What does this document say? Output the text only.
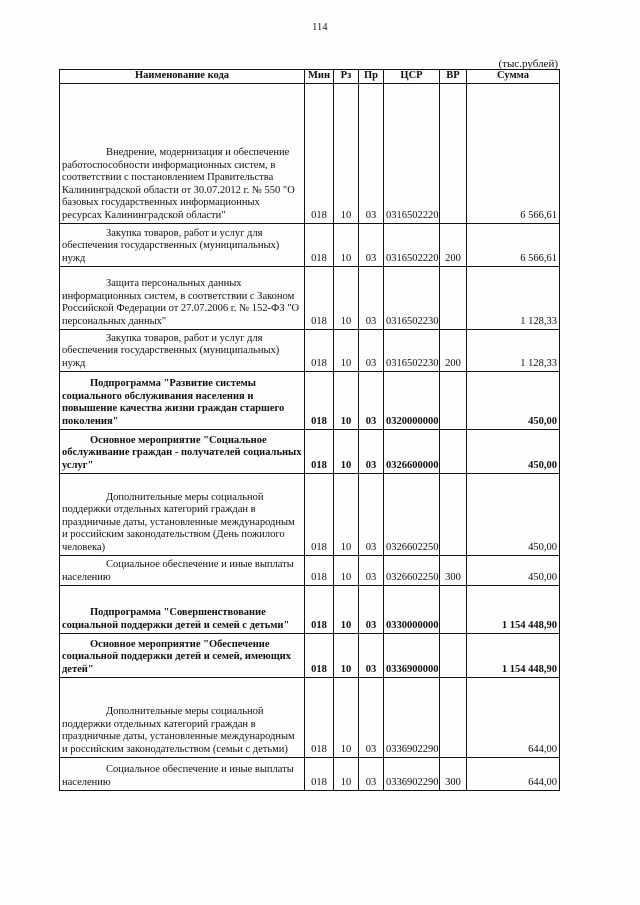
114
(тыс.рублей)
Наименование кода	Мин	Рз	Пр	ЦСР	ВР	Сумма

Внедрение, модернизация и обеспечение работоспособности информационных систем, в соответствии с постановлением Правительства Калининградской области от 30.07.2012 г. № 550 "О базовых государственных информационных ресурсах Калининградской области"	018	10	03	0316502220		6 566,61

Закупка товаров, работ и услуг для обеспечения государственных (муниципальных) нужд	018	10	03	0316502220	200	6 566,61

Защита персональных данных информационных систем, в соответствии с Законом Российской Федерации от 27.07.2006 г. № 152-ФЗ "О персональных данных"	018	10	03	0316502230		1 128,33

Закупка товаров, работ и услуг для обеспечения государственных (муниципальных) нужд	018	10	03	0316502230	200	1 128,33

Подпрограмма "Развитие системы социального обслуживания населения и повышение качества жизни граждан старшего поколения"	018	10	03	0320000000		450,00

Основное мероприятие "Социальное обслуживание граждан - получателей социальных услуг"	018	10	03	0326600000		450,00

Дополнительные меры социальной поддержки отдельных категорий граждан в праздничные даты, установленные международным и российским законодательством (День пожилого человека)	018	10	03	0326602250		450,00

Социальное обеспечение и иные выплаты населению	018	10	03	0326602250	300	450,00

Подпрограмма "Совершенствование социальной поддержки детей и семей с детьми"	018	10	03	0330000000		1 154 448,90

Основное мероприятие "Обеспечение социальной поддержки детей и семей, имеющих детей"	018	10	03	0336900000		1 154 448,90

Дополнительные меры социальной поддержки отдельных категорий граждан в праздничные даты, установленные международным и российским законодательством (семьи с детьми)	018	10	03	0336902290		644,00

Социальное обеспечение и иные выплаты населению	018	10	03	0336902290	300	644,00
